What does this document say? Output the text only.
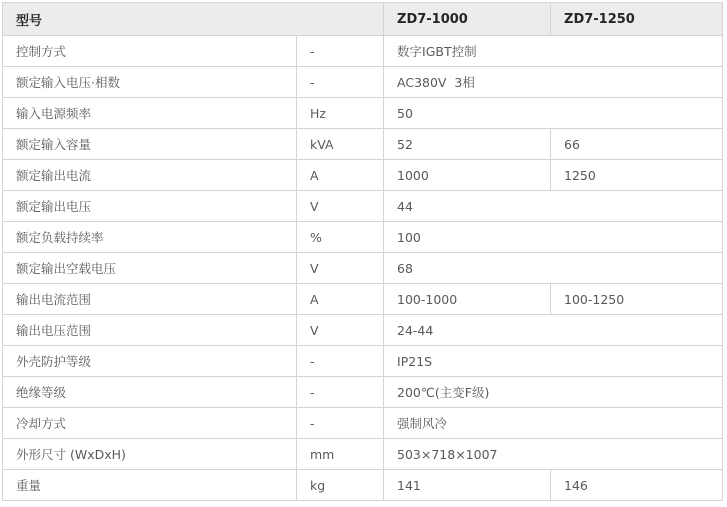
型号		ZD7-1000	ZD7-1250
控制方式	-	数字IGBT控制	
额定输入电压·相数	-	AC380V  3相	
输入电源频率	Hz	50	
额定输入容量	kVA	52	66
额定输出电流	A	1000	1250
额定输出电压	V	44	
额定负载持续率	%	100	
额定输出空载电压	V	68	
输出电流范围	A	100-1000	100-1250
输出电压范围	V	24-44	
外壳防护等级	-	IP21S	
绝缘等级	-	200℃(主变F级)	
冷却方式	-	强制风冷	
外形尺寸 (WxDxH)	mm	503×718×1007	
重量	kg	141	146
